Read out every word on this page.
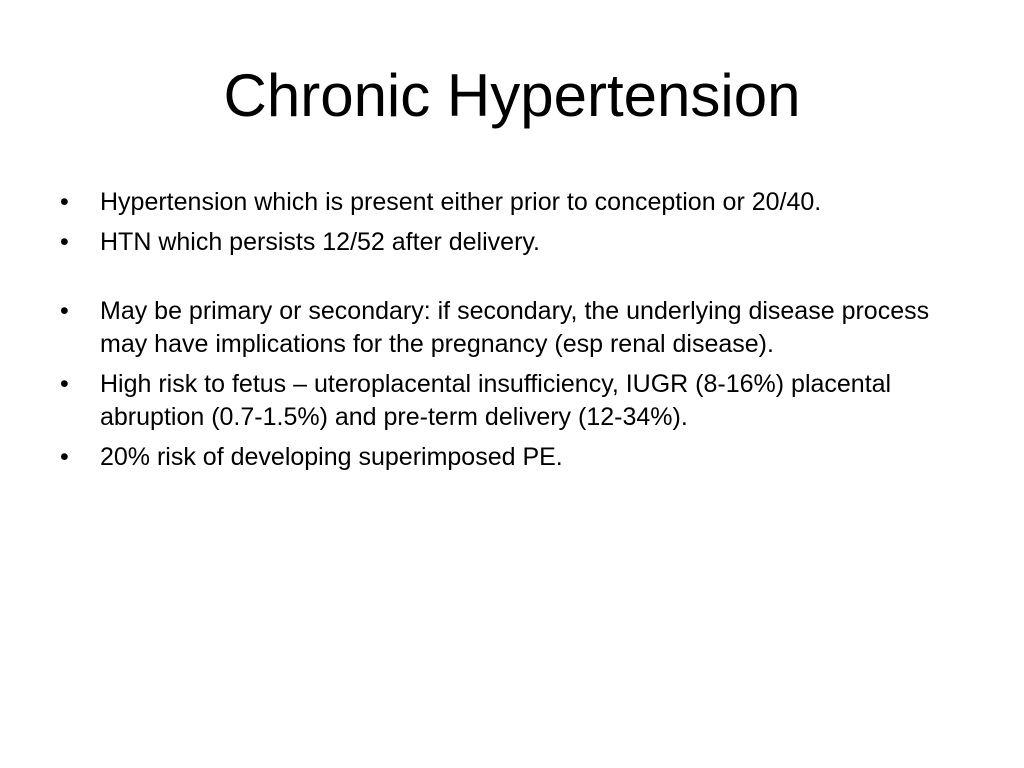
Chronic Hypertension
•	Hypertension which is present either prior to conception or 20/40.
•	HTN which persists 12/52 after delivery.
•	May be primary or secondary: if secondary, the underlying disease process may have implications for the pregnancy (esp renal disease).
•	High risk to fetus – uteroplacental insufficiency, IUGR (8-16%) placental abruption (0.7-1.5%) and pre-term delivery (12-34%).
•	20% risk of developing superimposed PE.
